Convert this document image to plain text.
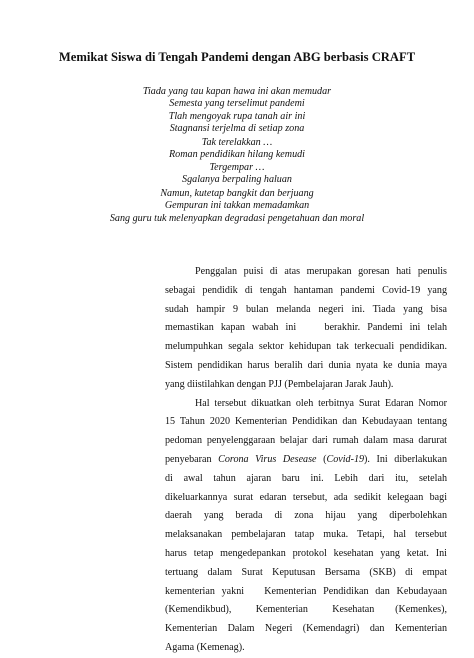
Memikat Siswa di Tengah Pandemi dengan ABG berbasis CRAFT
Tiada yang tau kapan hawa ini akan memudar
Semesta yang terselimut pandemi
Tlah mengoyak rupa tanah air ini
Stagnansi terjelma di setiap zona
Tak terelakkan …
Roman pendidikan hilang kemudi
Tergempar …
Sgalanya berpaling haluan
Namun, kutetap bangkit dan berjuang
Gempuran ini takkan memadamkan
Sang guru tuk melenyapkan degradasi pengetahuan dan moral
Penggalan puisi di atas merupakan goresan hati penulis
sebagai pendidik di tengah hantaman pandemi Covid-19 yang
sudah hampir 9 bulan melanda negeri ini. Tiada yang bisa
memastikan kapan wabah ini    berakhir. Pandemi ini telah
melumpuhkan segala sektor kehidupan tak terkecuali pendidikan.
Sistem pendidikan harus beralih dari dunia nyata ke dunia maya
yang diistilahkan dengan PJJ (Pembelajaran Jarak Jauh).
Hal tersebut dikuatkan oleh terbitnya Surat Edaran Nomor
15 Tahun 2020 Kementerian Pendidikan dan Kebudayaan tentang
pedoman penyelenggaraan belajar dari rumah dalam masa darurat
penyebaran Corona Virus Desease (Covid-19). Ini diberlakukan
di awal tahun ajaran baru ini. Lebih dari itu, setelah
dikeluarkannya surat edaran tersebut, ada sedikit kelegaan bagi
daerah yang berada di zona hijau yang diperbolehkan
melaksanakan pembelajaran tatap muka. Tetapi, hal tersebut
harus tetap mengedepankan protokol kesehatan yang ketat. Ini
tertuang dalam Surat Keputusan Bersama (SKB) di empat
kementerian yakni   Kementerian Pendidikan dan Kebudayaan
(Kemendikbud),       Kementerian       Kesehatan      (Kemenkes),
Kementerian Dalam Negeri (Kemendagri) dan Kementerian
Agama (Kemenag).
